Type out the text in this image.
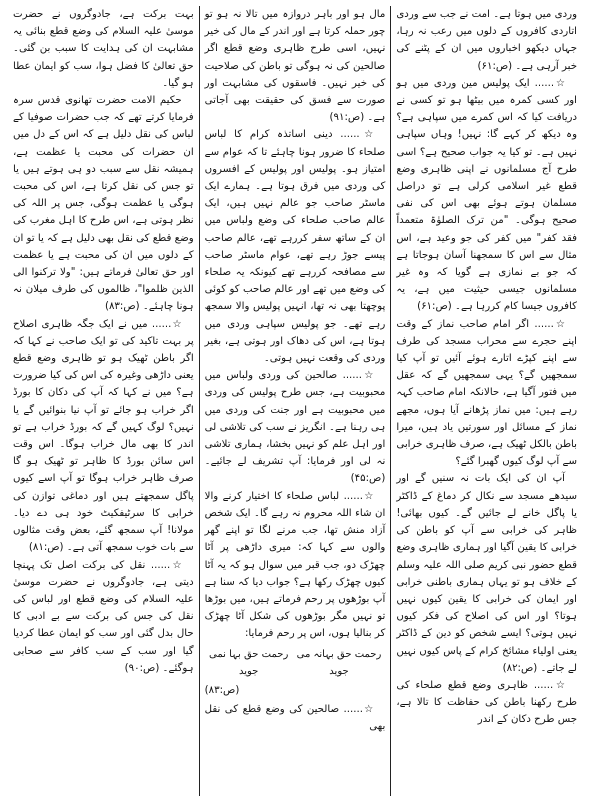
وردی میں ہوتا ہے۔ امت نے جب سے وردی اتاردی کافروں کے دلوں میں رعب نہ رہا، جہاں دیکھو اخباروں میں ان کے پٹنے کی خبر آرہی ہے۔ (ص:۶۱)

☆...... ایک پولیس مین وردی میں ہو اور کسی کمرہ میں بیٹھا ہو تو کسی نے دریافت کیا کہ اس کمرے میں سپاہی ہے؟ وہ دیکھ کر کہے گا: نہیں! وہاں سپاہی نہیں ہے۔ تو کیا یہ جواب صحیح ہے؟ اسی طرح آج مسلمانوں نے اپنی ظاہری وضع قطع غیر اسلامی کرلی ہے تو دراصل مسلمان ہوتے ہوئے بھی اس کی نفی صحیح ہوگی۔ "من ترک الصلوٰۃ متعمداً فقد کفر" میں کفر کی جو وعید ہے، اس مثال سے اس کا سمجھنا آسان ہوجاتا ہے کہ جو بے نمازی ہے گویا کہ وہ غیر مسلمانوں جیسی حیثیت میں ہے، یہ کافروں جیسا کام کررہا ہے۔ (ص:۶۱)

☆...... اگر امام صاحب نماز کے وقت اپنے حجرے سے محراب مسجد کی طرف سے اپنے کپڑے اتارے ہوئے آئیں تو آپ کیا سمجھیں گے؟ یہی سمجھیں گے کہ عقل میں فتور آگیا ہے، حالانکہ امام صاحب کہہ رہے ہیں: میں نماز پڑھانے آیا ہوں، مجھے نماز کے مسائل اور سورتیں یاد ہیں، میرا باطن بالکل ٹھیک ہے، صرف ظاہری خرابی سے آپ لوگ کیوں گھبرا گئے؟

آپ ان کی ایک بات نہ سنیں گے اور سیدھے مسجد سے نکال کر دماغ کے ڈاکٹر یا پاگل خانے لے جائیں گے۔ کیوں بھائی! ظاہر کی خرابی سے آپ کو باطن کی خرابی کا یقین آگیا اور ہماری ظاہری وضع قطع حضور نبی کریم صلی اللہ علیہ وسلم کے خلاف ہو تو یہاں ہماری باطنی خرابی اور ایمان کی خرابی کا یقین کیوں نہیں ہوتا؟ اور اس کی اصلاح کی فکر کیوں نہیں ہوتی؟ ایسے شخص کو دین کے ڈاکٹر یعنی اولیاء مشائخ کرام کے پاس کیوں نہیں لے جاتے۔ (ص:۸۲)

☆...... ظاہری وضع قطع صلحاء کی طرح رکھنا باطن کی حفاظت کا تالا ہے، جس طرح دکان کے اندر

مال ہو اور باہر دروازہ میں تالا نہ ہو تو چور حملہ کرتا ہے اور اندر کے مال کی خیر نہیں، اسی طرح ظاہری وضع قطع اگر صالحین کی نہ ہوگی تو باطن کی صلاحیت کی خیر نہیں۔ فاسقوں کی مشابہت اور صورت سے فسق کی حقیقت بھی آجاتی ہے۔ (ص:۹۱)

☆...... دینی اساتذہ کرام کا لباس صلحاء کا ضرور ہونا چاہئے تا کہ عوام سے امتیاز ہو۔ پولیس اور پولیس کے افسروں کی وردی میں فرق ہوتا ہے۔ ہمارے ایک ماسٹر صاحب جو عالم نہیں ہیں، ایک عالم صاحب صلحاء کی وضع ولباس میں ان کے ساتھ سفر کررہے تھے، عالم صاحب پیسے جوڑ رہے تھے، عوام ماسٹر صاحب سے مصافحہ کررہے تھے کیونکہ یہ صلحاء کی وضع میں تھے اور عالم صاحب کو کوئی پوچھتا بھی نہ تھا، انہیں پولیس والا سمجھ رہے تھے۔ جو پولیس سپاہی وردی میں ہوتا ہے، اس کی دھاک اور ہوتی ہے، بغیر وردی کی وقعت نہیں ہوتی۔

☆...... صالحین کی وردی ولباس میں محبوبیت ہے، جس طرح پولیس کی وردی میں محبوبیت ہے اور جنت کی وردی میں ہی رہنا ہے۔ انگریز نے سب کی تلاشی لی اور اہل علم کو نہیں بخشا، ہماری تلاشی نہ لی اور فرمایا: آپ تشریف لے جائیے۔ (ص:۴۵)

☆...... لباس صلحاء کا اختیار کرنے والا ان شاء اللہ محروم نہ رہے گا۔ ایک شخص آزاد منش تھا، جب مرنے لگا تو اپنے گھر والوں سے کہا کہ: میری داڑھی پر آٹا چھڑک دو، جب قبر میں سوال ہو کہ یہ آٹا کیوں چھڑک رکھا ہے؟ جواب دیا کہ سنا ہے آپ بوڑھوں پر رحم فرماتے ہیں، میں بوڑھا تو نہیں مگر بوڑھوں کی شکل آٹا چھڑک کر بنالیا ہوں، اس پر رحم فرمایا:

رحمت حق بہانہ می جوید
رحمت حق بہا نمی جوید

(ص:۸۳)

☆...... صالحین کی وضع قطع کی نقل بھی

بہت برکت ہے، جادوگروں نے حضرت موسیٰ علیہ السلام کی وضع قطع بنائی یہ مشابہت ان کی ہدایت کا سبب بن گئی۔ حق تعالیٰ کا فضل ہوا، سب کو ایمان عطا ہو گیا۔

حکیم الامت حضرت تھانوی قدس سرہ فرمایا کرتے تھے کہ جب حضرات صوفیا کے لباس کی نقل دلیل ہے کہ اس کے دل میں ان حضرات کی محبت یا عظمت ہے، ہمیشہ نقل سے سبب دو ہی ہوتے ہیں یا تو جس کی نقل کرتا ہے، اس کی محبت ہوگی یا عظمت ہوگی، جس پر اللہ کی نظر ہوتی ہے، اس طرح کا اہل مغرب کی وضع قطع کی نقل بھی دلیل ہے کہ یا تو ان کے دلوں میں ان کی محبت ہے یا عظمت اور حق تعالیٰ فرماتے ہیں: "ولا ترکنوا الی الذین ظلموا"، ظالموں کی طرف میلان نہ ہونا چاہئے۔ (ص:۸۳)

☆...... میں نے ایک جگہ ظاہری اصلاح پر بہت تاکید کی تو ایک صاحب نے کہا کہ اگر باطن ٹھیک ہو تو ظاہری وضع قطع یعنی داڑھی وغیرہ کی اس کی کیا ضرورت ہے؟ میں نے کہا کہ آپ کی دکان کا بورڈ اگر خراب ہو جائے تو آپ نیا بنوائیں گے یا نہیں؟ لوگ کہیں گے کہ بورڈ خراب ہے تو اندر کا بھی مال خراب ہوگا۔ اس وقت اس سائن بورڈ کا ظاہر تو ٹھیک ہو گا صرف ظاہر خراب ہوگا تو آپ اسے کیوں پاگل سمجھتے ہیں اور دماغی توازن کی خرابی کا سرٹیفکیٹ خود ہی دے دیا۔ مولانا! آپ سمجھ گئے، بعض وقت مثالوں سے بات خوب سمجھ آتی ہے۔ (ص:۸۱)

☆...... نقل کی برکت اصل تک پہنچا دیتی ہے، جادوگروں نے حضرت موسیٰ علیہ السلام کی وضع قطع اور لباس کی نقل کی جس کی برکت سے بے ادبی کا حال بدل گئی اور سب کو ایمان عطا کردیا گیا اور سب کے سب کافر سے صحابی ہوگئے۔ (ص:۹۰)
